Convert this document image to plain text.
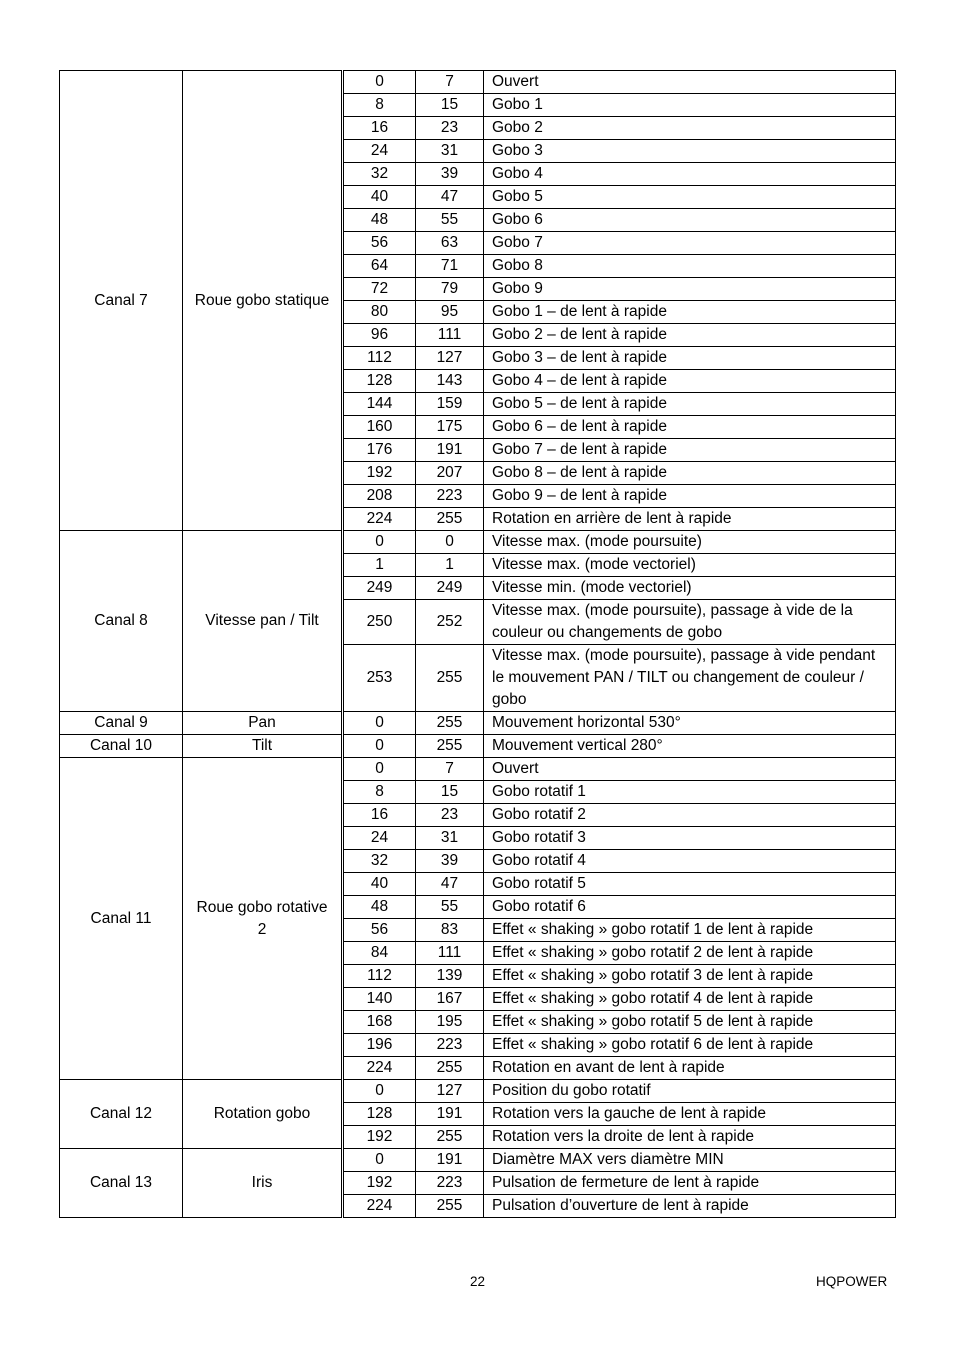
Canal 7	Roue gobo statique	0	7	Ouvert
		8	15	Gobo 1
		16	23	Gobo 2
		24	31	Gobo 3
		32	39	Gobo 4
		40	47	Gobo 5
		48	55	Gobo 6
		56	63	Gobo 7
		64	71	Gobo 8
		72	79	Gobo 9
		80	95	Gobo 1 – de lent à rapide
		96	111	Gobo 2 – de lent à rapide
		112	127	Gobo 3 – de lent à rapide
		128	143	Gobo 4 – de lent à rapide
		144	159	Gobo 5 – de lent à rapide
		160	175	Gobo 6 – de lent à rapide
		176	191	Gobo 7 – de lent à rapide
		192	207	Gobo 8 – de lent à rapide
		208	223	Gobo 9 – de lent à rapide
		224	255	Rotation en arrière de lent à rapide
Canal 8	Vitesse pan / Tilt	0	0	Vitesse max. (mode poursuite)
		1	1	Vitesse max. (mode vectoriel)
		249	249	Vitesse min. (mode vectoriel)
		250	252	Vitesse max. (mode poursuite), passage à vide de la couleur ou changements de gobo
		253	255	Vitesse max. (mode poursuite), passage à vide pendant le mouvement PAN / TILT ou changement de couleur / gobo
Canal 9	Pan	0	255	Mouvement horizontal 530°
Canal 10	Tilt	0	255	Mouvement vertical 280°
Canal 11	Roue gobo rotative 2	0	7	Ouvert
		8	15	Gobo rotatif 1
		16	23	Gobo rotatif 2
		24	31	Gobo rotatif 3
		32	39	Gobo rotatif 4
		40	47	Gobo rotatif 5
		48	55	Gobo rotatif 6
		56	83	Effet « shaking » gobo rotatif 1 de lent à rapide
		84	111	Effet « shaking » gobo rotatif 2 de lent à rapide
		112	139	Effet « shaking » gobo rotatif 3 de lent à rapide
		140	167	Effet « shaking » gobo rotatif 4 de lent à rapide
		168	195	Effet « shaking » gobo rotatif 5 de lent à rapide
		196	223	Effet « shaking » gobo rotatif 6 de lent à rapide
		224	255	Rotation en avant de lent à rapide
Canal 12	Rotation gobo	0	127	Position du gobo rotatif
		128	191	Rotation vers la gauche de lent à rapide
		192	255	Rotation vers la droite de lent à rapide
Canal 13	Iris	0	191	Diamètre MAX vers diamètre MIN
		192	223	Pulsation de fermeture de lent à rapide
		224	255	Pulsation d’ouverture de lent à rapide
22	HQPOWER
